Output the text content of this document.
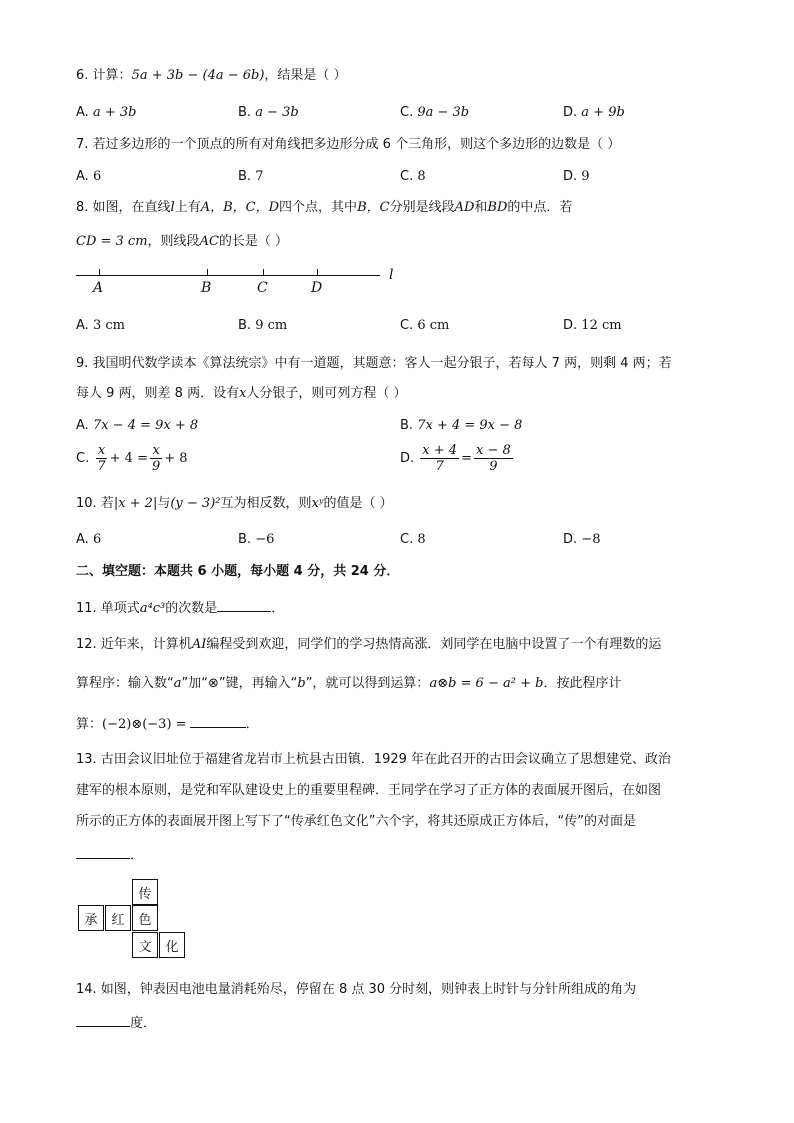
6. 计算：5a + 3b − (4a − 6b)，结果是（ ）
A. a + 3b	B. a − 3b	C. 9a − 3b	D. a + 9b
7. 若过多边形的一个顶点的所有对角线把多边形分成 6 个三角形，则这个多边形的边数是（ ）
A. 6	B. 7	C. 8	D. 9
8. 如图，在直线l上有A，B，C，D四个点，其中B，C分别是线段AD和BD的中点．若
CD = 3 cm，则线段AC的长是（ ）
A	B	C	D
l
A. 3 cm	B. 9 cm	C. 6 cm	D. 12 cm
9. 我国明代数学读本《算法统宗》中有一道题，其题意：客人一起分银子，若每人 7 两，则剩 4 两；若
每人 9 两，则差 8 两．设有x人分银子，则可列方程（ ）
A. 7x − 4 = 9x + 8	B. 7x + 4 = 9x − 8
C. $\frac{x}{7} + 4 = \frac{x}{9} + 8$	D. $\frac{x + 4}{7} = \frac{x - 8}{9}$
10. 若|x + 2|与(y − 3)²互为相反数，则xʸ的值是（ ）
A. 6	B. −6	C. 8	D. −8
二、填空题：本题共 6 小题，每小题 4 分，共 24 分．
11. 单项式a⁴c³的次数是	．
12. 近年来，计算机AI编程受到欢迎，同学们的学习热情高涨．刘同学在电脑中设置了一个有理数的运
算程序：输入数“a”加“⊗”键，再输入“b”，就可以得到运算：a⊗b = 6 − a² + b．按此程序计
算：(−2)⊗(−3) =	．
13. 古田会议旧址位于福建省龙岩市上杭县古田镇．1929 年在此召开的古田会议确立了思想建党、政治
建军的根本原则，是党和军队建设史上的重要里程碑．王同学在学习了正方体的表面展开图后，在如图
所示的正方体的表面展开图上写下了“传承红色文化”六个字，将其还原成正方体后，“传”的对面是
．
传
承	红	色
文	化
14. 如图，钟表因电池电量消耗殆尽，停留在 8 点 30 分时刻，则钟表上时针与分针所组成的角为
度．
